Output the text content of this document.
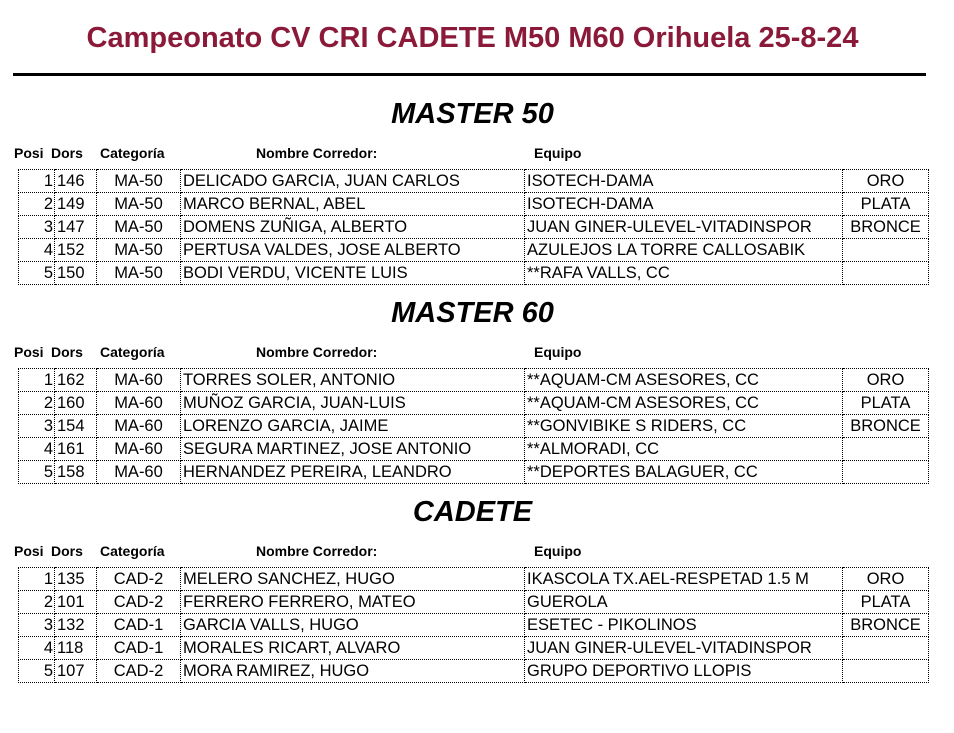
Campeonato CV CRI CADETE M50 M60 Orihuela 25-8-24
MASTER 50
Posi Dors Categoría	Nombre Corredor:	Equipo
1	146	MA-50	DELICADO GARCIA, JUAN CARLOS	ISOTECH-DAMA	ORO
2	149	MA-50	MARCO BERNAL, ABEL	ISOTECH-DAMA	PLATA
3	147	MA-50	DOMENS ZUÑIGA, ALBERTO	JUAN GINER-ULEVEL-VITADINSPOR	BRONCE
4	152	MA-50	PERTUSA VALDES, JOSE ALBERTO	AZULEJOS LA TORRE CALLOSABIK	
5	150	MA-50	BODI VERDU, VICENTE LUIS	**RAFA VALLS, CC	
MASTER 60
Posi Dors Categoría	Nombre Corredor:	Equipo
1	162	MA-60	TORRES SOLER, ANTONIO	**AQUAM-CM ASESORES, CC	ORO
2	160	MA-60	MUÑOZ GARCIA, JUAN-LUIS	**AQUAM-CM ASESORES, CC	PLATA
3	154	MA-60	LORENZO GARCIA, JAIME	**GONVIBIKE S RIDERS, CC	BRONCE
4	161	MA-60	SEGURA MARTINEZ, JOSE ANTONIO	**ALMORADI, CC	
5	158	MA-60	HERNANDEZ PEREIRA, LEANDRO	**DEPORTES BALAGUER, CC	
CADETE
Posi Dors Categoría	Nombre Corredor:	Equipo
1	135	CAD-2	MELERO SANCHEZ, HUGO	IKASCOLA TX.AEL-RESPETAD 1.5 M	ORO
2	101	CAD-2	FERRERO FERRERO, MATEO	GUEROLA	PLATA
3	132	CAD-1	GARCIA VALLS, HUGO	ESETEC - PIKOLINOS	BRONCE
4	118	CAD-1	MORALES RICART, ALVARO	JUAN GINER-ULEVEL-VITADINSPOR	
5	107	CAD-2	MORA RAMIREZ, HUGO	GRUPO DEPORTIVO LLOPIS	
